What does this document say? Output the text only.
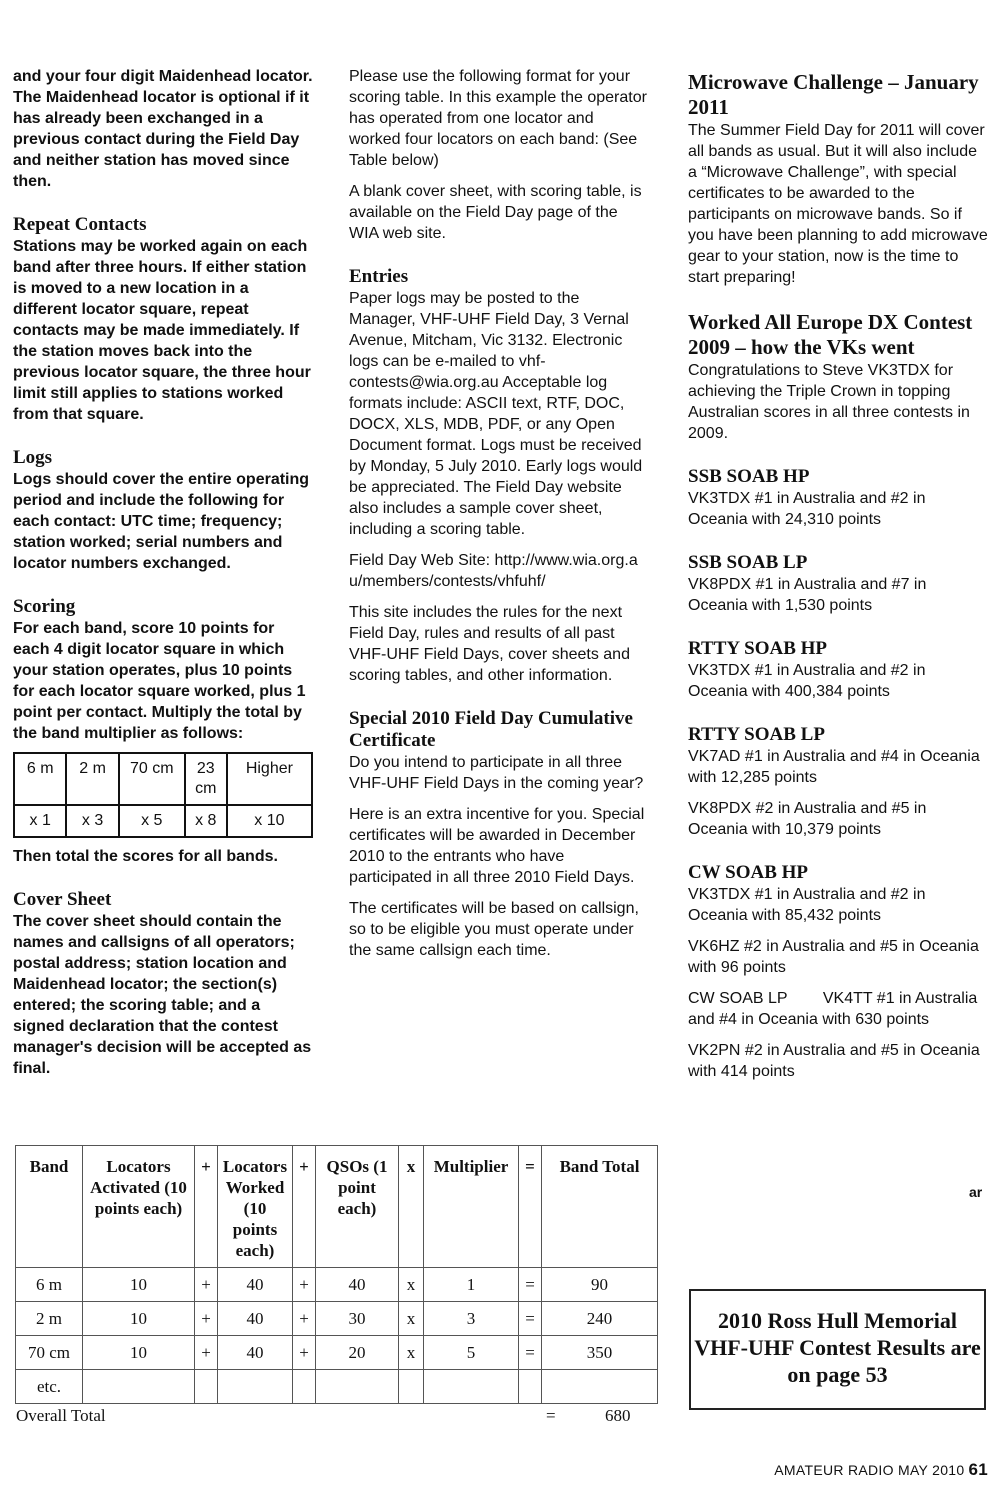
and your four digit Maidenhead locator. The Maidenhead locator is optional if it has already been exchanged in a previous contact during the Field Day and neither station has moved since then.

Repeat Contacts

Stations may be worked again on each band after three hours. If either station is moved to a new location in a different locator square, repeat contacts may be made immediately. If the station moves back into the previous locator square, the three hour limit still applies to stations worked from that square.

Logs

Logs should cover the entire operating period and include the following for each contact: UTC time; frequency; station worked; serial numbers and locator numbers exchanged.

Scoring

For each band, score 10 points for each 4 digit locator square in which your station operates, plus 10 points for each locator square worked, plus 1 point per contact. Multiply the total by the band multiplier as follows:

6 m	2 m	70 cm	23 cm	Higher
x 1	x 3	x 5	x 8	x 10

Then total the scores for all bands.

Cover Sheet

The cover sheet should contain the names and callsigns of all operators; postal address; station location and Maidenhead locator; the section(s) entered; the scoring table; and a signed declaration that the contest manager's decision will be accepted as final.

Please use the following format for your scoring table. In this example the operator has operated from one locator and worked four locators on each band: (See Table below)

A blank cover sheet, with scoring table, is available on the Field Day page of the WIA web site.

Entries

Paper logs may be posted to the Manager, VHF-UHF Field Day, 3 Vernal Avenue, Mitcham, Vic 3132. Electronic logs can be e-mailed to vhf-contests@wia.org.au Acceptable log formats include: ASCII text, RTF, DOC, DOCX, XLS, MDB, PDF, or any Open Document format. Logs must be received by Monday, 5 July 2010. Early logs would be appreciated. The Field Day website also includes a sample cover sheet, including a scoring table.

Field Day Web Site: http://www.wia.org.au/members/contests/vhfuhf/

This site includes the rules for the next Field Day, rules and results of all past VHF-UHF Field Days, cover sheets and scoring tables, and other information.

Special 2010 Field Day Cumulative Certificate

Do you intend to participate in all three VHF-UHF Field Days in the coming year?

Here is an extra incentive for you. Special certificates will be awarded in December 2010 to the entrants who have participated in all three 2010 Field Days.

The certificates will be based on callsign, so to be eligible you must operate under the same callsign each time.

Microwave Challenge – January 2011

The Summer Field Day for 2011 will cover all bands as usual. But it will also include a “Microwave Challenge”, with special certificates to be awarded to the participants on microwave bands. So if you have been planning to add microwave gear to your station, now is the time to start preparing!

Worked All Europe DX Contest 2009 – how the VKs went

Congratulations to Steve VK3TDX for achieving the Triple Crown in topping Australian scores in all three contests in 2009.

SSB SOAB HP

VK3TDX #1 in Australia and #2 in Oceania with 24,310 points

SSB SOAB LP

VK8PDX #1 in Australia and #7 in Oceania with 1,530 points

RTTY SOAB HP

VK3TDX #1 in Australia and #2 in Oceania with 400,384 points

RTTY SOAB LP

VK7AD #1 in Australia and #4 in Oceania with 12,285 points

VK8PDX #2 in Australia and #5 in Oceania with 10,379 points

CW SOAB HP

VK3TDX #1 in Australia and #2 in Oceania with 85,432 points

VK6HZ #2 in Australia and #5 in Oceania with 96 points

CW SOAB LP        VK4TT #1 in Australia and #4 in Oceania with 630 points

VK2PN #2 in Australia and #5 in Oceania with 414 points

ar
Band	Locators Activated (10 points each)	+	Locators Worked (10 points each)	+	QSOs (1 point each)	x	Multiplier	=	Band Total
6 m	10	+	40	+	40	x	1	=	90
2 m	10	+	40	+	30	x	3	=	240
70 cm	10	+	40	+	20	x	5	=	350
etc.									
Overall Total	=	680
2010 Ross Hull Memorial VHF-UHF Contest Results are on page 53
AMATEUR RADIO MAY 2010 61
